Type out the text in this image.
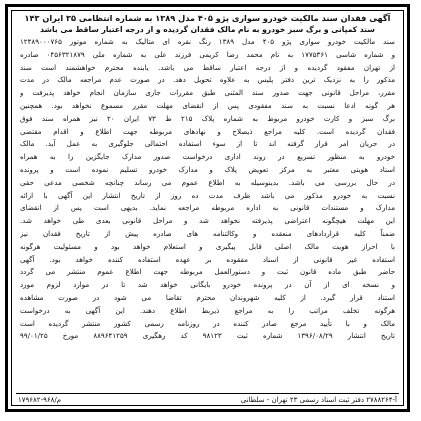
آگهی فقدان سند مالکیت خودرو سواری پژو ۴۰۵ مدل ۱۳۸۹ به شماره انتظامی ۳۵ ایران ۱۴۳
سند کمپانی و برگ سبز خودرو به نام مالک فقدان گردیده و از درجه اعتبار ساقط می باشد
سند مالکیت خودرو سواری پژو ۴۰۵ مدل ۱۳۸۹ رنگ نقره ای متالیک به شماره موتور ۱۲۴۸۹۰۰۰۷۶۵
و شماره شاسی ۱۷۷۵۳۶۱ به نام محمد رضا کریمی فرزند علی به شماره ملی ۰۴۵۶۳۲۱۸۷۹ صادره
از تهران مفقود گردیده و از درجه اعتبار ساقط می باشد. یابنده محترم خواهشمند است سند
مذکور را به نزدیک ترین دفتر پلیس به علاوه تحویل دهد. در صورت عدم مراجعه مالک در مدت
مقرر، مراحل قانونی جهت صدور سند المثنی طبق مقررات جاری سازمان انجام خواهد پذیرفت و
هر گونه ادعا نسبت به سند مفقودی پس از انقضای مهلت مقرر مسموع نخواهد بود. همچنین
برگ سبز و کارت خودرو مربوط به شماره پلاک ۲۱۵ ط ۷۳ ایران ۲۰ نیز همراه سند فوق
فقدان گردیده است. کلیه مراجع ذیصلاح و نهادهای مربوطه جهت اطلاع و اقدام مقتضی
در جریان امر قرار گرفته اند تا از سوء استفاده احتمالی جلوگیری به عمل آید. مالک
خودرو به منظور تسریع در روند اداری درخواست صدور مدارک جایگزین را به همراه
اسناد هویتی معتبر به مرکز تعویض پلاک و مدارک خودرو تسلیم نموده است و پرونده
در حال بررسی می باشد. بدینوسیله به اطلاع عموم می رساند چنانچه شخصی مدعی حقی
نسبت به خودرو مذکور می باشد ظرف مدت ده روز از تاریخ انتشار این آگهی با ارائه
مدارک و مستندات قانونی به اداره مربوطه مراجعه نماید. بدیهی است پس از انقضای
این مهلت هیچگونه اعتراضی پذیرفته نخواهد شد و مراحل قانونی بعدی طی خواهد شد.
ضمناً کلیه قراردادهای منعقده و وکالتنامه های صادره پیش از تاریخ فقدان نیز
با احراز هویت مالک اصلی قابل پیگیری و استعلام خواهد بود و مسئولیت هرگونه
استفاده غیر قانونی از اسناد مفقوده بر عهده استفاده کننده خواهد بود. آگهی
حاضر طبق ماده قانون ثبت و دستورالعمل مربوطه جهت اطلاع عموم منتشر می گردد
و نسخه ای از آن در پرونده خودرو بایگانی خواهد شد تا در موارد لزوم مورد
استناد قرار گیرد. از کلیه شهروندان محترم تقاضا می شود در صورت مشاهده
هرگونه تخلف مراتب را به مراجع ذیربط اطلاع دهند. این آگهی به درخواست
مالک و با تأیید مرجع صادر کننده در روزنامه رسمی کشور منتشر گردیده است
تاریخ انتشار ۱۳۹۶/۰۸/۲۹ شماره ثبت ۹۸۱۲۳ کد رهگیری ۸۸۹۶۴۱۲۵۹ مورخ ۹۹/۰۱/۲۵
آ-۲۷۸۸۲۶۴ دفتر ثبت اسناد رسمی ۲۳ تهران - سلطانی
م/۹۶۸-۱۷۹۶۸۲
